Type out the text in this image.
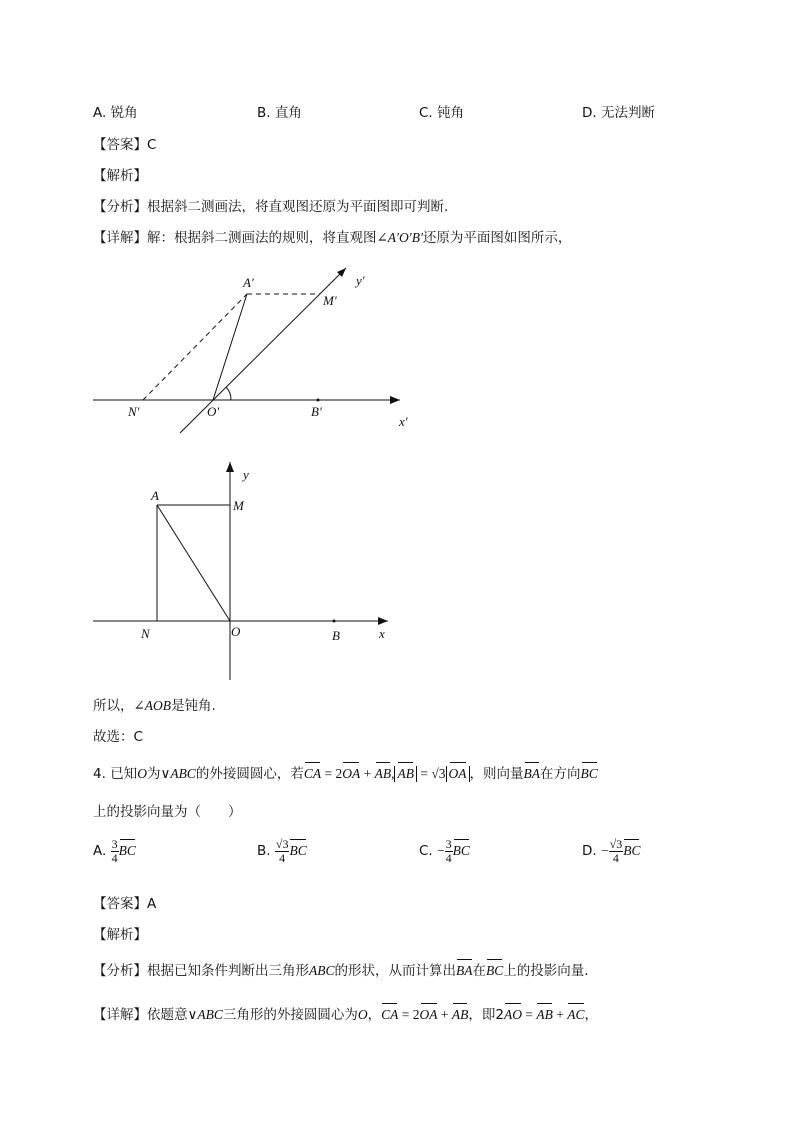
A. 锐角	B. 直角	C. 钝角	D. 无法判断
【答案】C
【解析】
【分析】根据斜二测画法，将直观图还原为平面图即可判断.
【详解】解：根据斜二测画法的规则，将直观图∠A′O′B′还原为平面图如图所示，
A′
M′
N′	O′	B′
x′
y′
A
M
N	O	B	x
y
所以，∠AOB是钝角.
故选：C
4. 已知O为∨ABC的外接圆圆心，若CA = 2OA + AB, AB = √3 OA ，则向量BA在方向BC
上的投影向量为（　　）
A. $\frac{3}{4}$ BC	B. $\frac{√3}{4}$ BC	C. − $\frac{3}{4}$ BC	D. − $\frac{√3}{4}$ BC
【答案】A
【解析】
【分析】根据已知条件判断出三角形ABC的形状，从而计算出BA在BC上的投影向量.
【详解】依题意∨ABC三角形的外接圆圆心为O，CA = 2OA + AB，即2AO = AB + AC，
